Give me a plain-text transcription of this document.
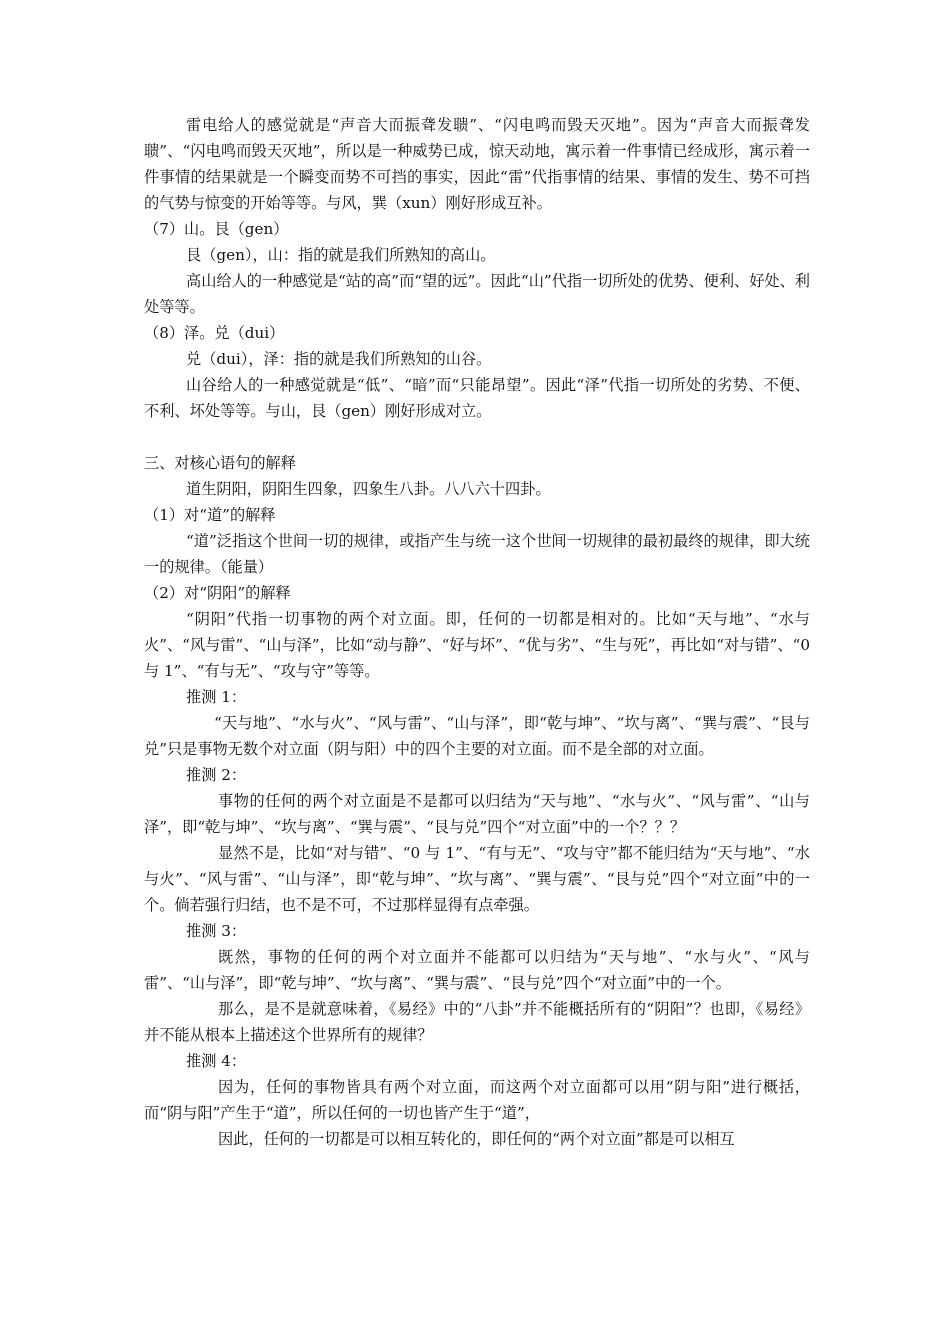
雷电给人的感觉就是“声音大而振聋发聩”、“闪电鸣而毁天灭地”。因为“声音大而振聋发聩”、“闪电鸣而毁天灭地”，所以是一种威势已成，惊天动地，寓示着一件事情已经成形，寓示着一件事情的结果就是一个瞬变而势不可挡的事实，因此“雷”代指事情的结果、事情的发生、势不可挡的气势与惊变的开始等等。与风，巽（xun）刚好形成互补。

（7）山。艮（gen）

艮（gen），山：指的就是我们所熟知的高山。

高山给人的一种感觉是“站的高”而“望的远”。因此“山”代指一切所处的优势、便利、好处、利处等等。

（8）泽。兑（dui）

兑（dui），泽：指的就是我们所熟知的山谷。

山谷给人的一种感觉就是“低”、“暗”而“只能昂望”。因此“泽”代指一切所处的劣势、不便、不利、坏处等等。与山，艮（gen）刚好形成对立。

三、对核心语句的解释

道生阴阳，阴阳生四象，四象生八卦。八八六十四卦。

（1）对“道”的解释

“道”泛指这个世间一切的规律，或指产生与统一这个世间一切规律的最初最终的规律，即大统一的规律。（能量）

（2）对“阴阳”的解释

“阴阳”代指一切事物的两个对立面。即，任何的一切都是相对的。比如“天与地”、“水与火”、“风与雷”、“山与泽”，比如“动与静”、“好与坏”、“优与劣”、“生与死”，再比如“对与错”、“0 与 1”、“有与无”、“攻与守”等等。

推测 1：

“天与地”、“水与火”、“风与雷”、“山与泽”，即“乾与坤”、“坎与离”、“巽与震”、“艮与兑”只是事物无数个对立面（阴与阳）中的四个主要的对立面。而不是全部的对立面。

推测 2：

事物的任何的两个对立面是不是都可以归结为“天与地”、“水与火”、“风与雷”、“山与泽”，即“乾与坤”、“坎与离”、“巽与震”、“艮与兑”四个“对立面”中的一个？？？

显然不是，比如“对与错”、“0 与 1”、“有与无”、“攻与守”都不能归结为“天与地”、“水与火”、“风与雷”、“山与泽”，即“乾与坤”、“坎与离”、“巽与震”、“艮与兑”四个“对立面”中的一个。倘若强行归结，也不是不可，不过那样显得有点牵强。

推测 3：

既然，事物的任何的两个对立面并不能都可以归结为“天与地”、“水与火”、“风与雷”、“山与泽”，即“乾与坤”、“坎与离”、“巽与震”、“艮与兑”四个“对立面”中的一个。

那么，是不是就意味着，《易经》中的“八卦”并不能概括所有的“阴阳”？也即，《易经》并不能从根本上描述这个世界所有的规律？

推测 4：

因为，任何的事物皆具有两个对立面，而这两个对立面都可以用“阴与阳”进行概括，而“阴与阳”产生于“道”，所以任何的一切也皆产生于“道”，

因此，任何的一切都是可以相互转化的，即任何的“两个对立面”都是可以相互
